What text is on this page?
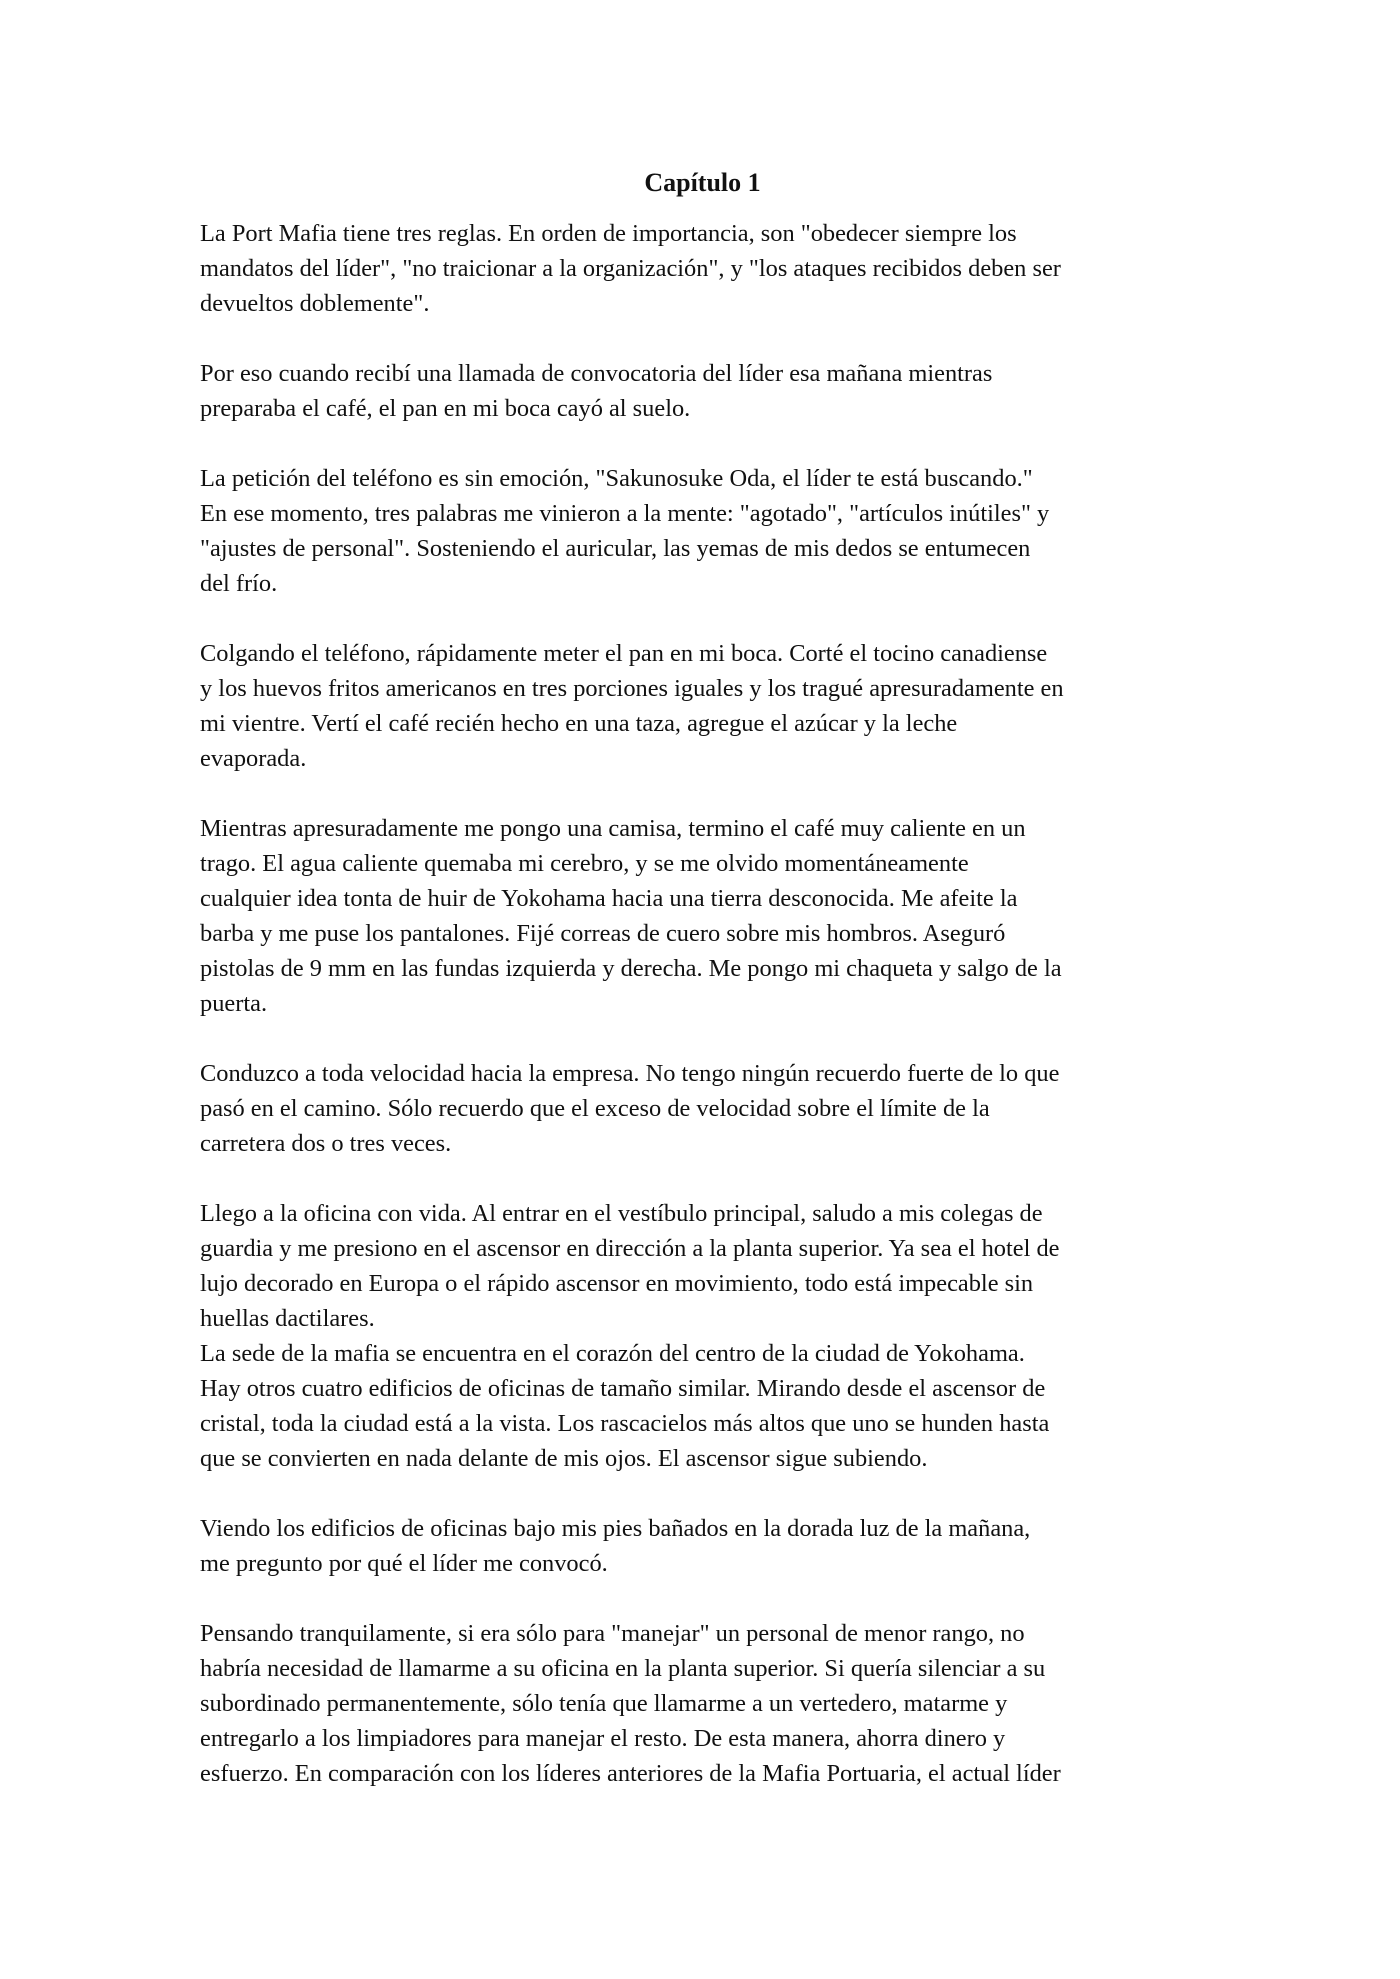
Capítulo 1

La Port Mafia tiene tres reglas. En orden de importancia, son "obedecer siempre los
mandatos del líder", "no traicionar a la organización", y "los ataques recibidos deben ser
devueltos doblemente".

Por eso cuando recibí una llamada de convocatoria del líder esa mañana mientras
preparaba el café, el pan en mi boca cayó al suelo.

La petición del teléfono es sin emoción, "Sakunosuke Oda, el líder te está buscando."
En ese momento, tres palabras me vinieron a la mente: "agotado", "artículos inútiles" y
"ajustes de personal". Sosteniendo el auricular, las yemas de mis dedos se entumecen
del frío.

Colgando el teléfono, rápidamente meter el pan en mi boca. Corté el tocino canadiense
y los huevos fritos americanos en tres porciones iguales y los tragué apresuradamente en
mi vientre. Vertí el café recién hecho en una taza, agregue el azúcar y la leche
evaporada.

Mientras apresuradamente me pongo una camisa, termino el café muy caliente en un
trago. El agua caliente quemaba mi cerebro, y se me olvido momentáneamente
cualquier idea tonta de huir de Yokohama hacia una tierra desconocida. Me afeite la
barba y me puse los pantalones. Fijé correas de cuero sobre mis hombros. Aseguró
pistolas de 9 mm en las fundas izquierda y derecha. Me pongo mi chaqueta y salgo de la
puerta.

Conduzco a toda velocidad hacia la empresa. No tengo ningún recuerdo fuerte de lo que
pasó en el camino. Sólo recuerdo que el exceso de velocidad sobre el límite de la
carretera dos o tres veces.

Llego a la oficina con vida. Al entrar en el vestíbulo principal, saludo a mis colegas de
guardia y me presiono en el ascensor en dirección a la planta superior. Ya sea el hotel de
lujo decorado en Europa o el rápido ascensor en movimiento, todo está impecable sin
huellas dactilares.

La sede de la mafia se encuentra en el corazón del centro de la ciudad de Yokohama.
Hay otros cuatro edificios de oficinas de tamaño similar. Mirando desde el ascensor de
cristal, toda la ciudad está a la vista. Los rascacielos más altos que uno se hunden hasta
que se convierten en nada delante de mis ojos. El ascensor sigue subiendo.

Viendo los edificios de oficinas bajo mis pies bañados en la dorada luz de la mañana,
me pregunto por qué el líder me convocó.

Pensando tranquilamente, si era sólo para "manejar" un personal de menor rango, no
habría necesidad de llamarme a su oficina en la planta superior. Si quería silenciar a su
subordinado permanentemente, sólo tenía que llamarme a un vertedero, matarme y
entregarlo a los limpiadores para manejar el resto. De esta manera, ahorra dinero y
esfuerzo. En comparación con los líderes anteriores de la Mafia Portuaria, el actual líder
